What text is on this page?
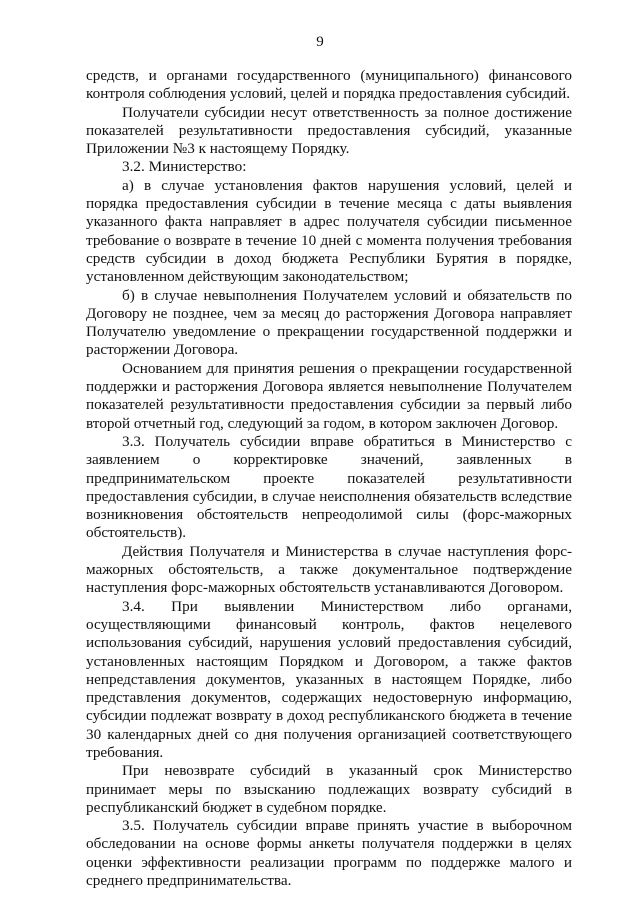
9

средств, и органами государственного (муниципального) финансового контроля соблюдения условий, целей и порядка предоставления субсидий.

Получатели субсидии несут ответственность за полное достижение показателей результативности предоставления субсидий, указанные Приложении №3 к настоящему Порядку.

3.2. Министерство:

а) в случае установления фактов нарушения условий, целей и порядка предоставления субсидии в течение месяца с даты выявления указанного факта направляет в адрес получателя субсидии письменное требование о возврате в течение 10 дней с момента получения требования средств субсидии в доход бюджета Республики Бурятия в порядке, установленном действующим законодательством;

б) в случае невыполнения Получателем условий и обязательств по Договору не позднее, чем за месяц до расторжения Договора направляет Получателю уведомление о прекращении государственной поддержки и расторжении Договора.

Основанием для принятия решения о прекращении государственной поддержки и расторжения Договора является невыполнение Получателем показателей результативности предоставления субсидии за первый либо второй отчетный год, следующий за годом, в котором заключен Договор.

3.3. Получатель субсидии вправе обратиться в Министерство с заявлением о корректировке значений, заявленных в предпринимательском проекте показателей результативности предоставления субсидии, в случае неисполнения обязательств вследствие возникновения обстоятельств непреодолимой силы (форс-мажорных обстоятельств).

Действия Получателя и Министерства в случае наступления форс-мажорных обстоятельств, а также документальное подтверждение наступления форс-мажорных обстоятельств устанавливаются Договором.

3.4. При выявлении Министерством либо органами, осуществляющими финансовый контроль, фактов нецелевого использования субсидий, нарушения условий предоставления субсидий, установленных настоящим Порядком и Договором, а также фактов непредставления документов, указанных в настоящем Порядке, либо представления документов, содержащих недостоверную информацию, субсидии подлежат возврату в доход республиканского бюджета в течение 30 календарных дней со дня получения организацией соответствующего требования.

При невозврате субсидий в указанный срок Министерство принимает меры по взысканию подлежащих возврату субсидий в республиканский бюджет в судебном порядке.

3.5. Получатель субсидии вправе принять участие в выборочном обследовании на основе формы анкеты получателя поддержки в целях оценки эффективности реализации программ по поддержке малого и среднего предпринимательства.
